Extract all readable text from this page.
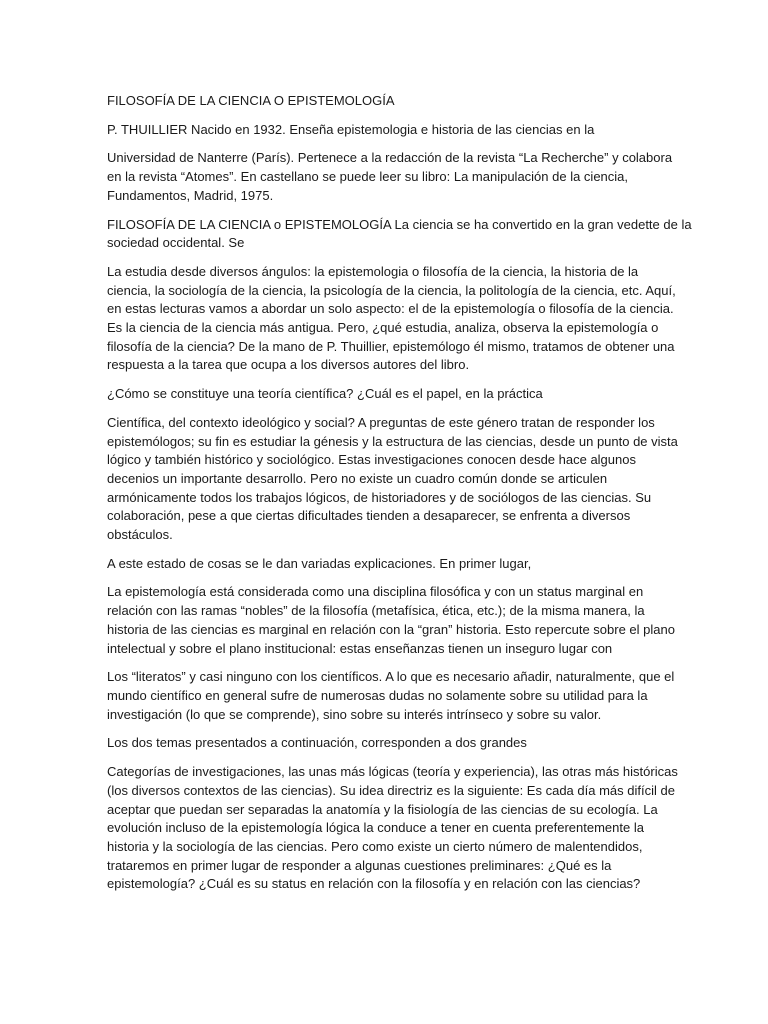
FILOSOFÍA DE LA CIENCIA O EPISTEMOLOGÍA

P. THUILLIER Nacido en 1932. Enseña epistemologia e historia de las ciencias en la

Universidad de Nanterre (París). Pertenece a la redacción de la revista “La Recherche” y colabora
en la revista “Atomes”. En castellano se puede leer su libro: La manipulación de la ciencia,
Fundamentos, Madrid, 1975.

FILOSOFÍA DE LA CIENCIA o EPISTEMOLOGÍA La ciencia se ha convertido en la gran vedette de la
sociedad occidental. Se

La estudia desde diversos ángulos: la epistemologia o filosofía de la ciencia, la historia de la
ciencia, la sociología de la ciencia, la psicología de la ciencia, la politología de la ciencia, etc. Aquí,
en estas lecturas vamos a abordar un solo aspecto: el de la epistemología o filosofía de la ciencia.
Es la ciencia de la ciencia más antigua. Pero, ¿qué estudia, analiza, observa la epistemología o
filosofía de la ciencia? De la mano de P. Thuillier, epistemólogo él mismo, tratamos de obtener una
respuesta a la tarea que ocupa a los diversos autores del libro.

¿Cómo se constituye una teoría científica? ¿Cuál es el papel, en la práctica

Científica, del contexto ideológico y social? A preguntas de este género tratan de responder los
epistemólogos; su fin es estudiar la génesis y la estructura de las ciencias, desde un punto de vista
lógico y también histórico y sociológico. Estas investigaciones conocen desde hace algunos
decenios un importante desarrollo. Pero no existe un cuadro común donde se articulen
armónicamente todos los trabajos lógicos, de historiadores y de sociólogos de las ciencias. Su
colaboración, pese a que ciertas dificultades tienden a desaparecer, se enfrenta a diversos
obstáculos.

A este estado de cosas se le dan variadas explicaciones. En primer lugar,

La epistemología está considerada como una disciplina filosófica y con un status marginal en
relación con las ramas “nobles” de la filosofía (metafísica, ética, etc.); de la misma manera, la
historia de las ciencias es marginal en relación con la “gran” historia. Esto repercute sobre el plano
intelectual y sobre el plano institucional: estas enseñanzas tienen un inseguro lugar con

Los “literatos” y casi ninguno con los científicos. A lo que es necesario añadir, naturalmente, que el
mundo científico en general sufre de numerosas dudas no solamente sobre su utilidad para la
investigación (lo que se comprende), sino sobre su interés intrínseco y sobre su valor.

Los dos temas presentados a continuación, corresponden a dos grandes

Categorías de investigaciones, las unas más lógicas (teoría y experiencia), las otras más históricas
(los diversos contextos de las ciencias). Su idea directriz es la siguiente: Es cada día más difícil de
aceptar que puedan ser separadas la anatomía y la fisiología de las ciencias de su ecología. La
evolución incluso de la epistemología lógica la conduce a tener en cuenta preferentemente la
historia y la sociología de las ciencias. Pero como existe un cierto número de malentendidos,
trataremos en primer lugar de responder a algunas cuestiones preliminares: ¿Qué es la
epistemología? ¿Cuál es su status en relación con la filosofía y en relación con las ciencias?
